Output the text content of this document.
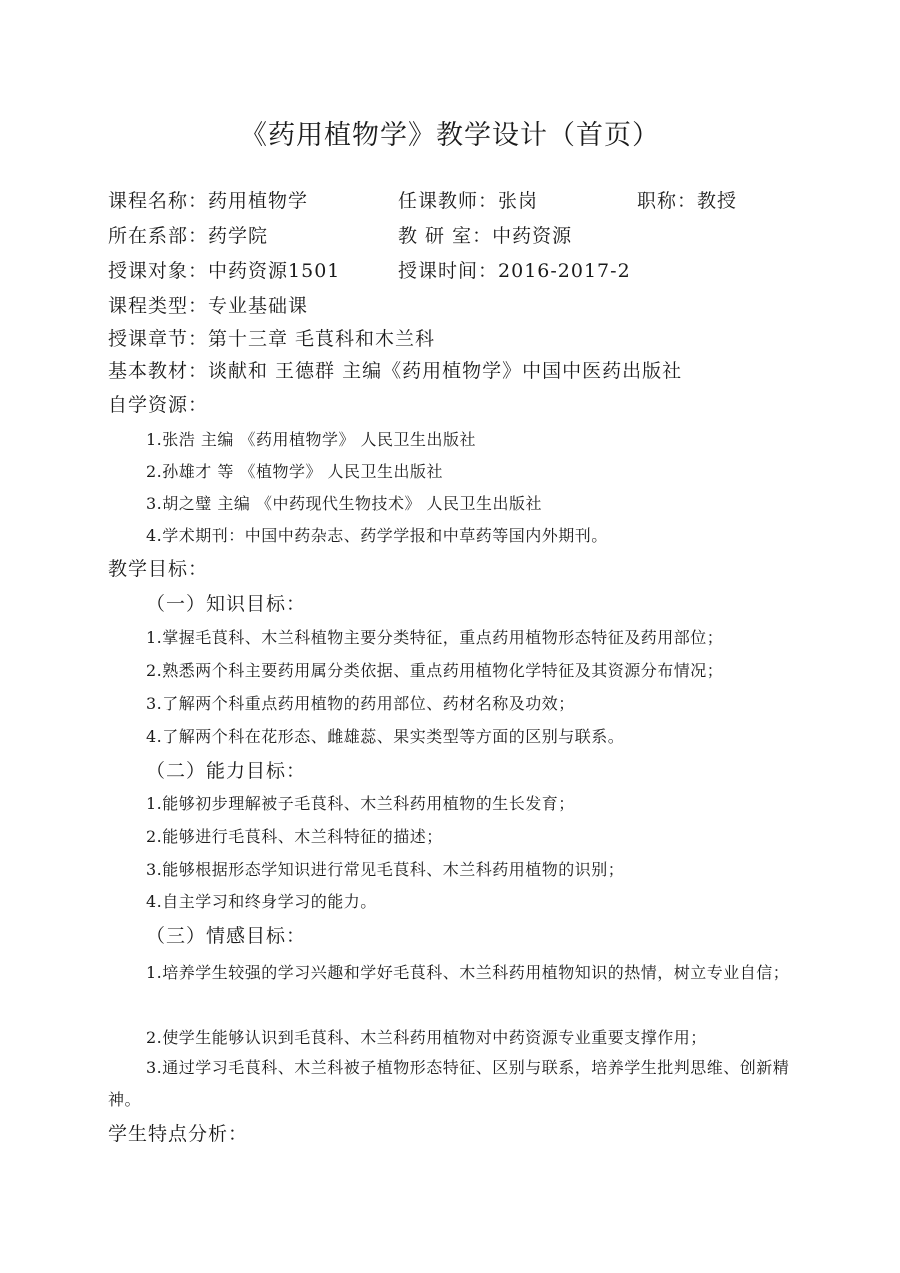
《药用植物学》教学设计（首页）
课程名称：药用植物学	任课教师：张岗	职称：教授
所在系部：药学院	教 研 室：中药资源
授课对象：中药资源1501	授课时间：2016-2017-2
课程类型：专业基础课
授课章节：第十三章 毛茛科和木兰科
基本教材：谈献和 王德群 主编《药用植物学》中国中医药出版社
自学资源：
1.张浩 主编 《药用植物学》 人民卫生出版社
2.孙雄才 等 《植物学》 人民卫生出版社
3.胡之璧 主编 《中药现代生物技术》 人民卫生出版社
4.学术期刊：中国中药杂志、药学学报和中草药等国内外期刊。
教学目标：
（一）知识目标：
1.掌握毛茛科、木兰科植物主要分类特征，重点药用植物形态特征及药用部位；
2.熟悉两个科主要药用属分类依据、重点药用植物化学特征及其资源分布情况；
3.了解两个科重点药用植物的药用部位、药材名称及功效；
4.了解两个科在花形态、雌雄蕊、果实类型等方面的区别与联系。
（二）能力目标：
1.能够初步理解被子毛茛科、木兰科药用植物的生长发育；
2.能够进行毛茛科、木兰科特征的描述；
3.能够根据形态学知识进行常见毛茛科、木兰科药用植物的识别；
4.自主学习和终身学习的能力。
（三）情感目标：
1.培养学生较强的学习兴趣和学好毛茛科、木兰科药用植物知识的热情，树立专业自信；
2.使学生能够认识到毛茛科、木兰科药用植物对中药资源专业重要支撑作用；
3.通过学习毛茛科、木兰科被子植物形态特征、区别与联系，培养学生批判思维、创新精神。
学生特点分析：
